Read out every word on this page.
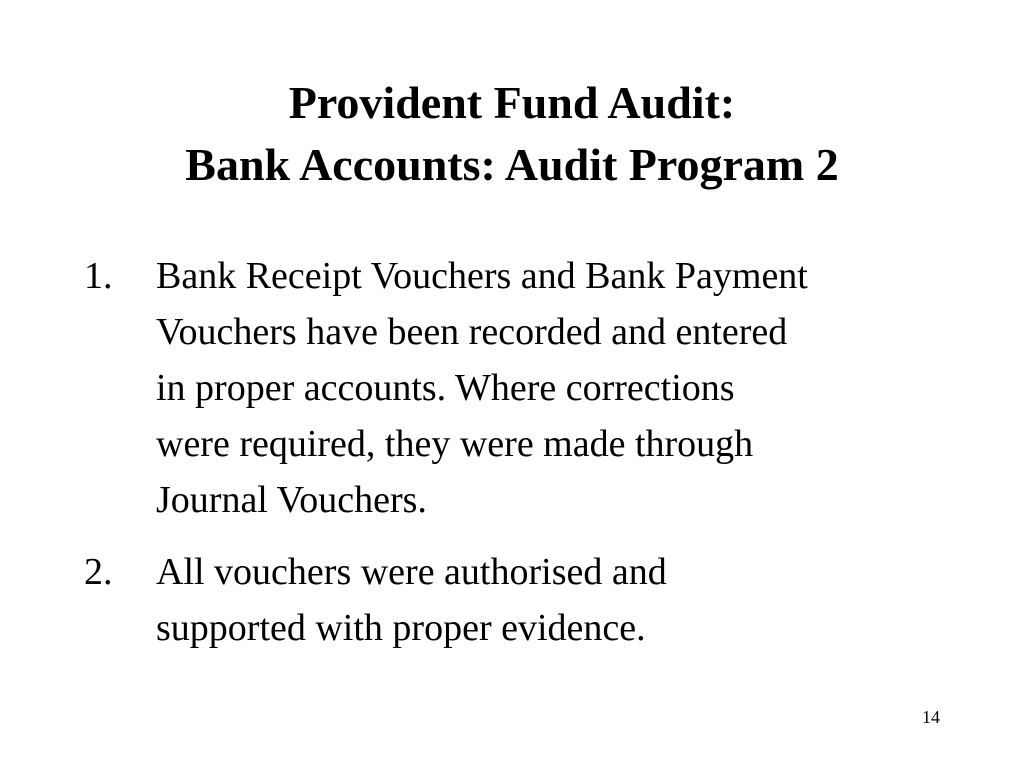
Provident Fund Audit:
Bank Accounts: Audit Program 2
1.	Bank Receipt Vouchers and Bank Payment
Vouchers have been recorded and entered
in proper accounts. Where corrections
were required, they were made through
Journal Vouchers.
2.	All vouchers were authorised and
supported with proper evidence.
14
